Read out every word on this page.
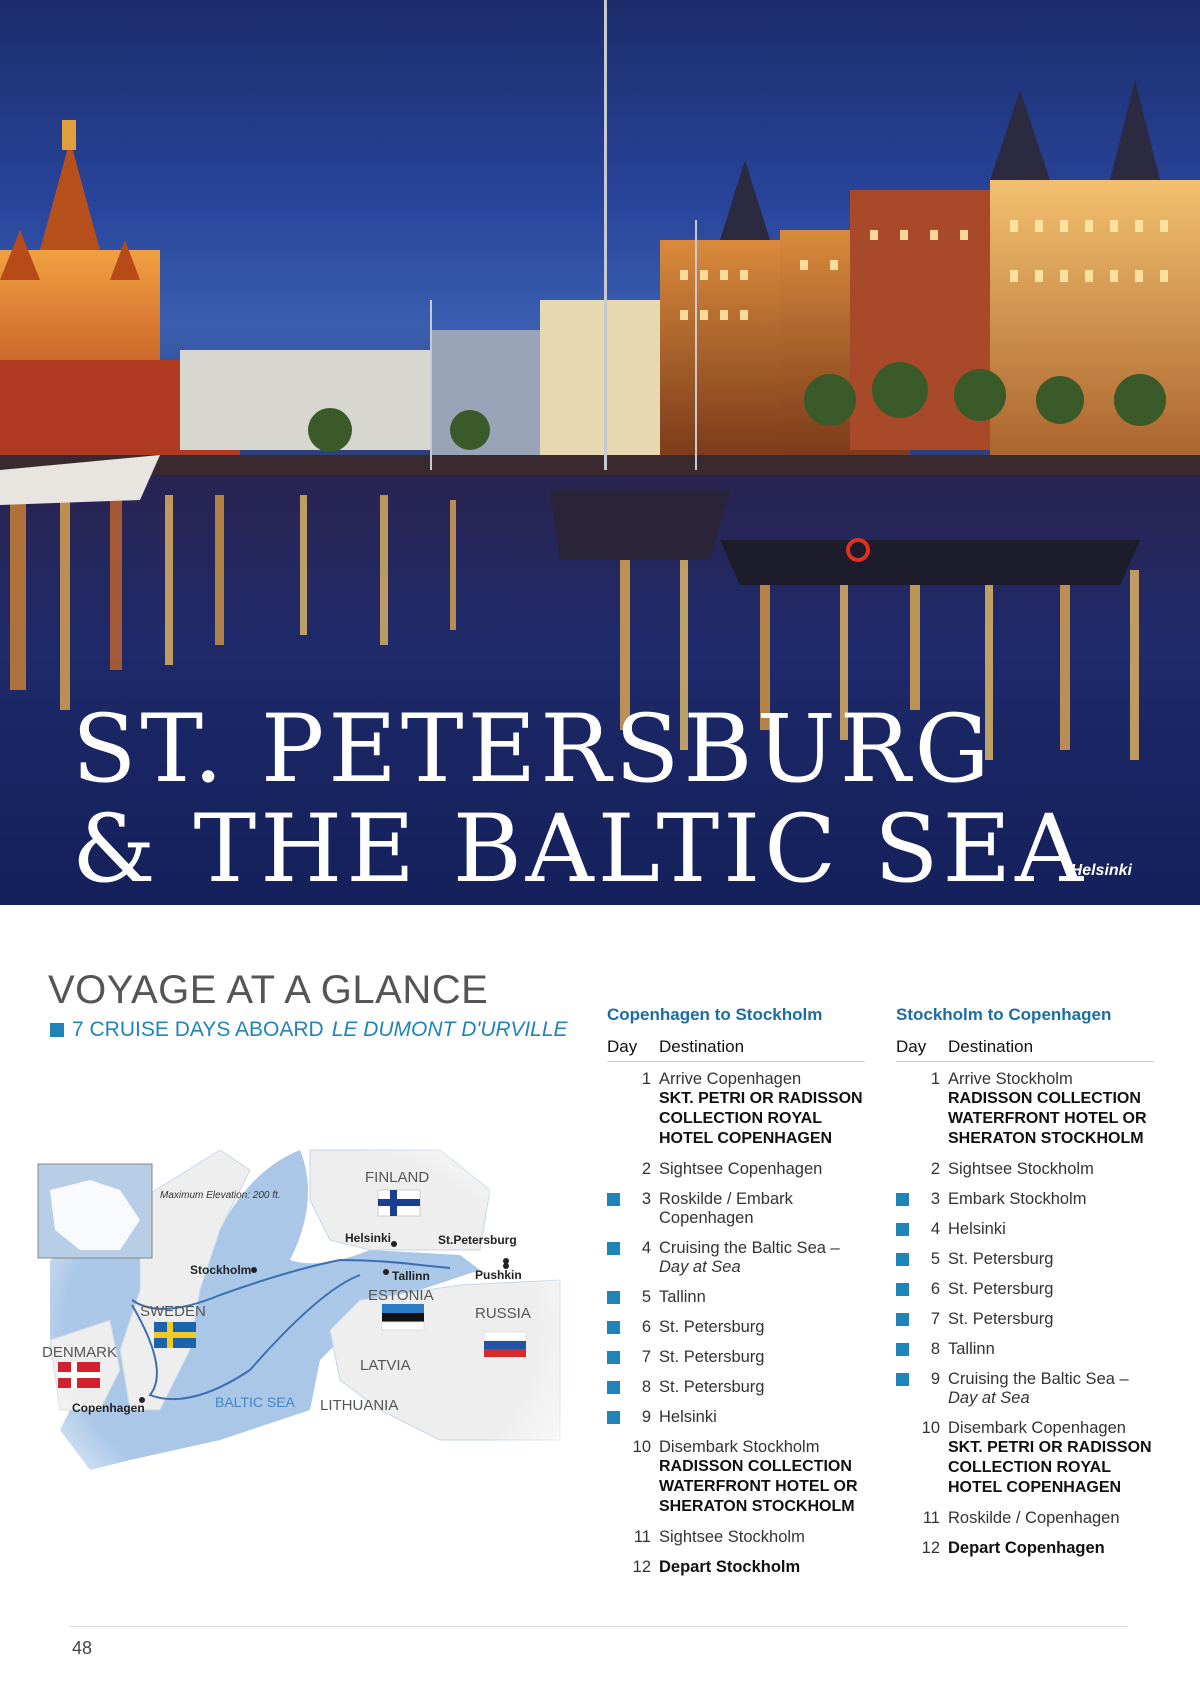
ST. PETERSBURG
& THE BALTIC SEA
Helsinki
VOYAGE AT A GLANCE
7 CRUISE DAYS ABOARD LE DUMONT D'URVILLE
Maximum Elevation: 200 ft.
FINLAND
SWEDEN
DENMARK
ESTONIA
RUSSIA
LATVIA
LITHUANIA
BALTIC SEA
Helsinki	St.Petersburg
Stockholm	Tallinn	Pushkin
Copenhagen
Copenhagen to Stockholm
Day	Destination
1 Arrive Copenhagen
SKT. PETRI OR RADISSON COLLECTION ROYAL HOTEL COPENHAGEN
2 Sightsee Copenhagen
3 Roskilde / Embark Copenhagen
4 Cruising the Baltic Sea –
Day at Sea
5 Tallinn
6 St. Petersburg
7 St. Petersburg
8 St. Petersburg
9 Helsinki
10 Disembark Stockholm
RADISSON COLLECTION WATERFRONT HOTEL OR SHERATON STOCKHOLM
11 Sightsee Stockholm
12 Depart Stockholm
Stockholm to Copenhagen
Day	Destination
1 Arrive Stockholm
RADISSON COLLECTION WATERFRONT HOTEL OR SHERATON STOCKHOLM
2 Sightsee Stockholm
3 Embark Stockholm
4 Helsinki
5 St. Petersburg
6 St. Petersburg
7 St. Petersburg
8 Tallinn
9 Cruising the Baltic Sea –
Day at Sea
10 Disembark Copenhagen
SKT. PETRI OR RADISSON COLLECTION ROYAL HOTEL COPENHAGEN
11 Roskilde / Copenhagen
12 Depart Copenhagen
48
